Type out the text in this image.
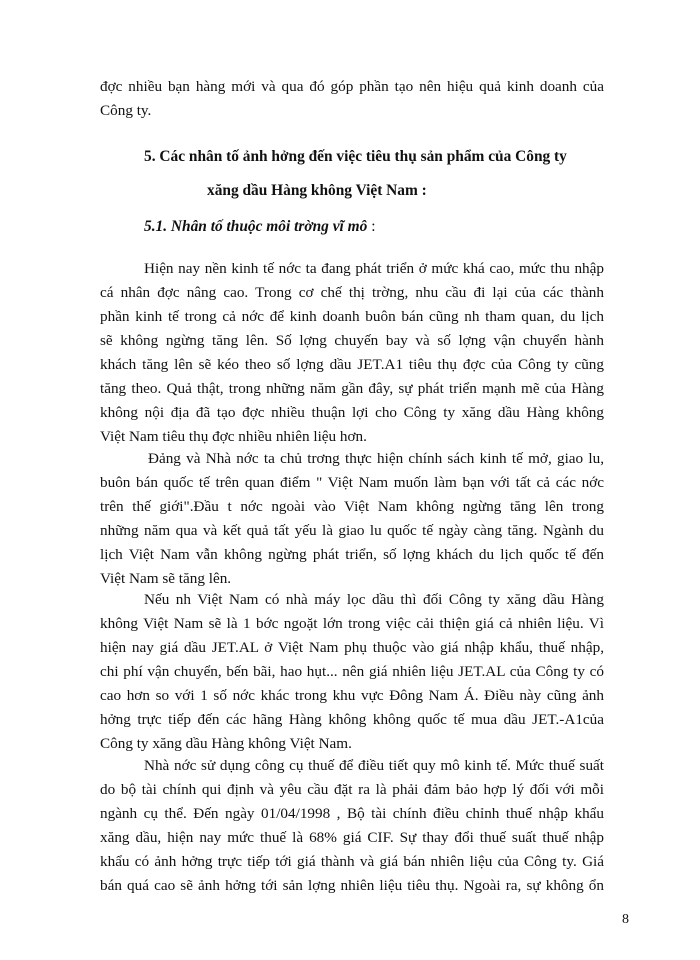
đợc nhiều bạn hàng mới và qua đó góp phần tạo nên hiệu quả kinh doanh của
Công ty.
5. Các nhân tố ảnh hởng đến việc tiêu thụ sản phẩm của Công ty
xăng dầu Hàng không Việt Nam :
5.1. Nhân tố thuộc môi trờng vĩ mô :
Hiện nay nền kinh tế nớc ta đang phát triển ở mức khá cao, mức thu nhập
cá nhân đợc nâng cao. Trong cơ chế thị trờng, nhu cầu đi lại của các thành
phần kinh tế trong cả nớc để kinh doanh buôn bán cũng nh tham quan, du lịch
sẽ không ngừng tăng lên. Số lợng chuyến bay và số lợng vận chuyển hành
khách tăng lên sẽ kéo theo số lợng dầu JET.A1 tiêu thụ đợc của Công ty cũng
tăng theo. Quả thật, trong những năm gần đây, sự phát triển mạnh mẽ của Hàng
không nội địa đã tạo đợc nhiều thuận lợi cho Công ty xăng dầu Hàng không
Việt Nam tiêu thụ đợc nhiều nhiên liệu hơn.
Đảng và Nhà nớc ta chủ trơng thực hiện chính sách kinh tế mở, giao lu,
buôn bán quốc tế trên quan điểm " Việt Nam muốn làm bạn với tất cả các nớc
trên thế giới".Đầu t nớc ngoài vào Việt Nam không ngừng tăng lên trong
những năm qua và kết quả tất yếu là giao lu quốc tế ngày càng tăng. Ngành du
lịch Việt Nam vẫn không ngừng phát triển, số lợng khách du lịch quốc tế đến
Việt Nam sẽ tăng lên.
Nếu nh Việt Nam có nhà máy lọc dầu thì đối Công ty xăng dầu Hàng
không Việt Nam sẽ là 1 bớc ngoặt lớn trong việc cải thiện giá cả nhiên liệu. Vì
hiện nay giá dầu JET.AL ở Việt Nam phụ thuộc vào giá nhập khẩu, thuế nhập,
chi phí vận chuyển, bến bãi, hao hụt... nên giá nhiên liệu JET.AL của Công ty có
cao hơn so với 1 số nớc khác trong khu vực Đông Nam Á. Điều này cũng ảnh
hởng trực tiếp đến các hãng Hàng không không quốc tế mua dầu JET.-A1của
Công ty xăng dầu Hàng không Việt Nam.
Nhà nớc sử dụng công cụ thuế để điều tiết quy mô kinh tế. Mức thuế suất
do bộ tài chính qui định và yêu cầu đặt ra là phải đảm bảo hợp lý đối với mỗi
ngành cụ thể. Đến ngày 01/04/1998 , Bộ tài chính điều chỉnh thuế nhập khẩu
xăng dầu, hiện nay mức thuế là 68% giá CIF. Sự thay đổi thuế suất thuế nhập
khẩu có ảnh hởng trực tiếp tới giá thành và giá bán nhiên liệu của Công ty. Giá
bán quá cao sẽ ảnh hởng tới sản lợng nhiên liệu tiêu thụ. Ngoài ra, sự không ổn
8
